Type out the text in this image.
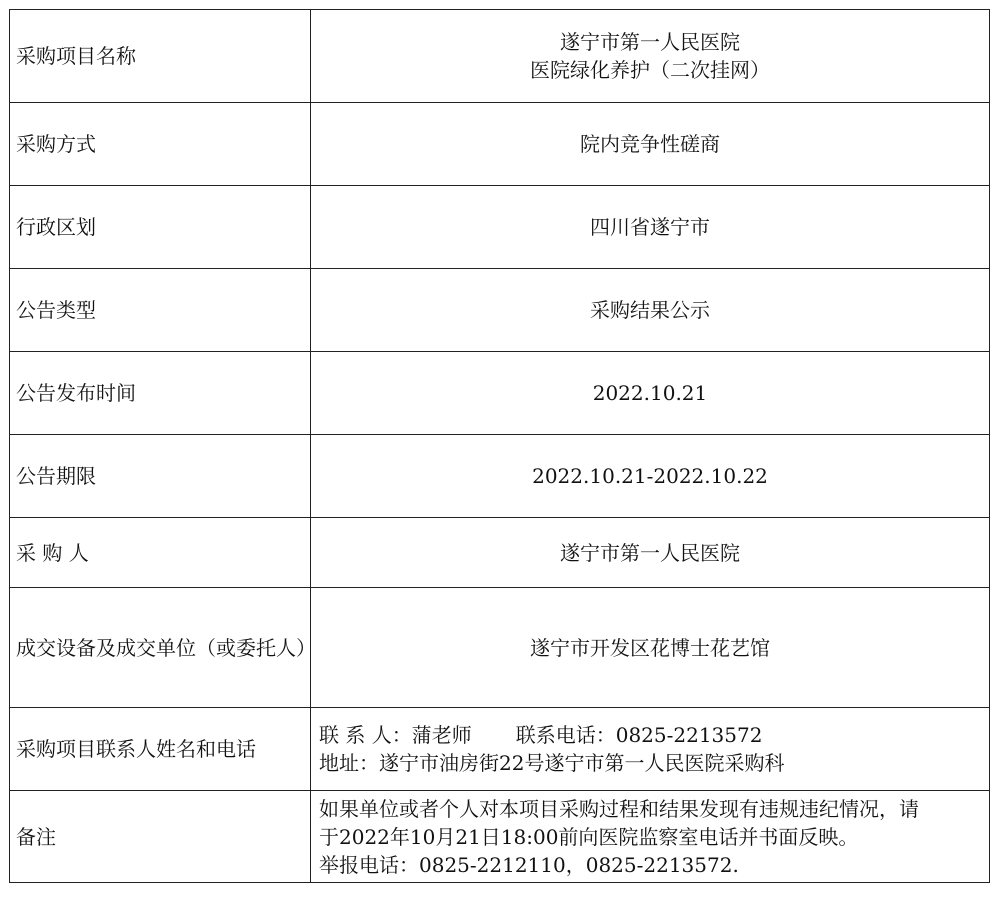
采购项目名称	遂宁市第一人民医院
医院绿化养护（二次挂网）

采购方式	院内竞争性磋商
行政区划	四川省遂宁市
公告类型	采购结果公示
公告发布时间	2022.10.21
公告期限	2022.10.21-2022.10.22
采 购 人	遂宁市第一人民医院
成交设备及成交单位（或委托人）	遂宁市开发区花博士花艺馆
采购项目联系人姓名和电话	联 系 人：蒲老师 联系电话：0825-2213572
地址：遂宁市油房街22号遂宁市第一人民医院采购科

备注	如果单位或者个人对本项目采购过程和结果发现有违规违纪情况，请
于2022年10月21日18:00前向医院监察室电话并书面反映。
举报电话：0825-2212110，0825-2213572.
